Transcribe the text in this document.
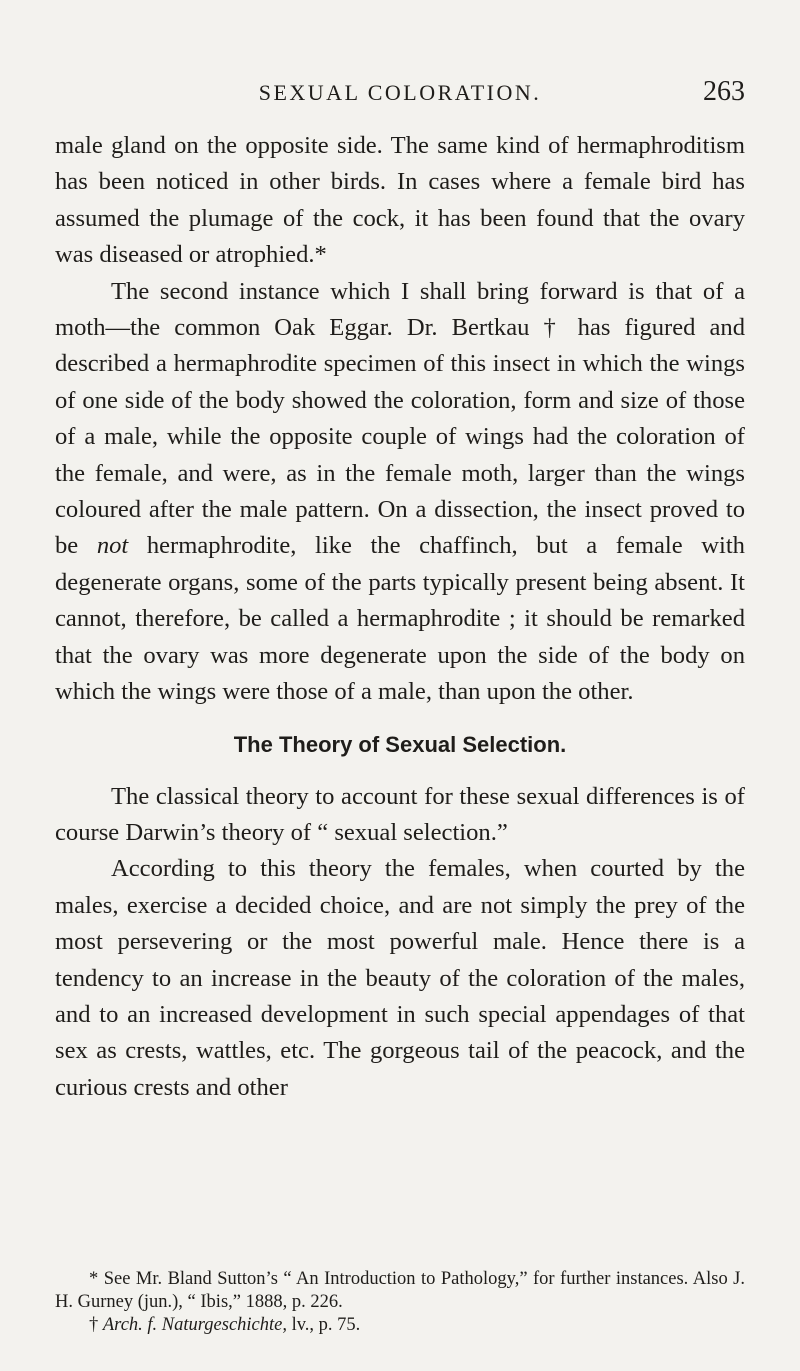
SEXUAL COLORATION.	263

male gland on the opposite side. The same kind of hermaphroditism has been noticed in other birds. In cases where a female bird has assumed the plumage of the cock, it has been found that the ovary was diseased or atrophied.*

The second instance which I shall bring forward is that of a moth—the common Oak Eggar. Dr. Bertkau † has figured and described a hermaphrodite specimen of this insect in which the wings of one side of the body showed the coloration, form and size of those of a male, while the opposite couple of wings had the coloration of the female, and were, as in the female moth, larger than the wings coloured after the male pattern. On a dissection, the insect proved to be not hermaphrodite, like the chaffinch, but a female with degenerate organs, some of the parts typically present being absent. It cannot, therefore, be called a hermaphrodite ; it should be remarked that the ovary was more degenerate upon the side of the body on which the wings were those of a male, than upon the other.

The Theory of Sexual Selection.

The classical theory to account for these sexual differences is of course Darwin’s theory of “ sexual selection.”

According to this theory the females, when courted by the males, exercise a decided choice, and are not simply the prey of the most persevering or the most powerful male. Hence there is a tendency to an increase in the beauty of the coloration of the males, and to an increased development in such special appendages of that sex as crests, wattles, etc. The gorgeous tail of the peacock, and the curious crests and other

* See Mr. Bland Sutton’s “ An Introduction to Pathology,” for further instances. Also J. H. Gurney (jun.), “ Ibis,” 1888, p. 226.

† Arch. f. Naturgeschichte, lv., p. 75.
